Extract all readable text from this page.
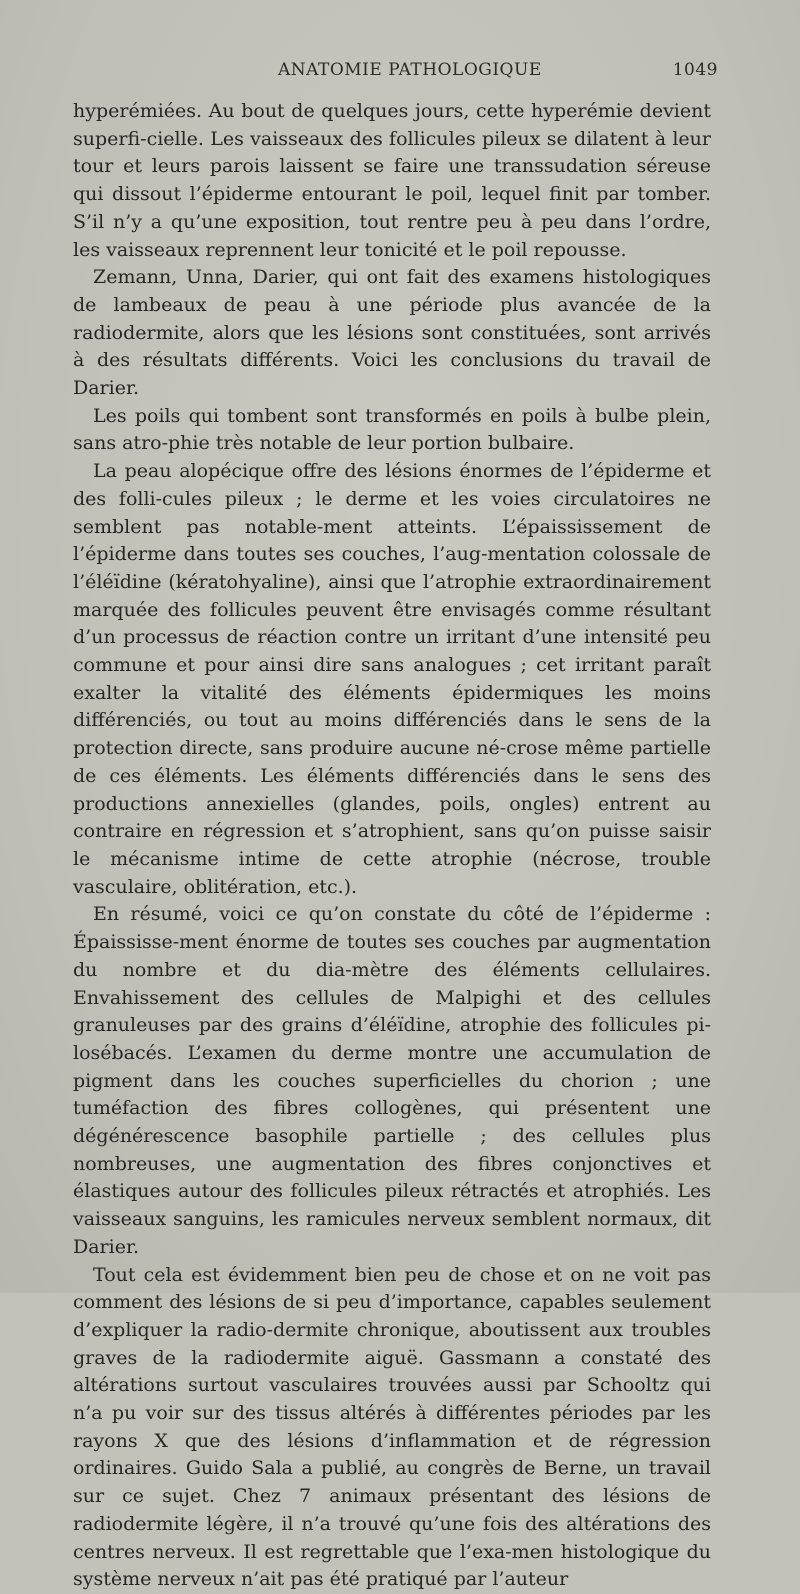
ANATOMIE PATHOLOGIQUE	1049

hyperémiées. Au bout de quelques jours, cette hyperémie devient superfi-cielle. Les vaisseaux des follicules pileux se dilatent à leur tour et leurs parois laissent se faire une transsudation séreuse qui dissout l’épiderme entourant le poil, lequel finit par tomber. S’il n’y a qu’une exposition, tout rentre peu à peu dans l’ordre, les vaisseaux reprennent leur tonicité et le poil repousse.

Zemann, Unna, Darier, qui ont fait des examens histologiques de lambeaux de peau à une période plus avancée de la radiodermite, alors que les lésions sont constituées, sont arrivés à des résultats différents. Voici les conclusions du travail de Darier.

Les poils qui tombent sont transformés en poils à bulbe plein, sans atro-phie très notable de leur portion bulbaire.

La peau alopécique offre des lésions énormes de l’épiderme et des folli-cules pileux ; le derme et les voies circulatoires ne semblent pas notable-ment atteints. L’épaississement de l’épiderme dans toutes ses couches, l’aug-mentation colossale de l’éléïdine (kératohyaline), ainsi que l’atrophie extraordinairement marquée des follicules peuvent être envisagés comme résultant d’un processus de réaction contre un irritant d’une intensité peu commune et pour ainsi dire sans analogues ; cet irritant paraît exalter la vitalité des éléments épidermiques les moins différenciés, ou tout au moins différenciés dans le sens de la protection directe, sans produire aucune né-crose même partielle de ces éléments. Les éléments différenciés dans le sens des productions annexielles (glandes, poils, ongles) entrent au contraire en régression et s’atrophient, sans qu’on puisse saisir le mécanisme intime de cette atrophie (nécrose, trouble vasculaire, oblitération, etc.).

En résumé, voici ce qu’on constate du côté de l’épiderme : Épaississe-ment énorme de toutes ses couches par augmentation du nombre et du dia-mètre des éléments cellulaires. Envahissement des cellules de Malpighi et des cellules granuleuses par des grains d’éléïdine, atrophie des follicules pi-losébacés. L’examen du derme montre une accumulation de pigment dans les couches superficielles du chorion ; une tuméfaction des fibres collogènes, qui présentent une dégénérescence basophile partielle ; des cellules plus nombreuses, une augmentation des fibres conjonctives et élastiques autour des follicules pileux rétractés et atrophiés. Les vaisseaux sanguins, les ramicules nerveux semblent normaux, dit Darier.

Tout cela est évidemment bien peu de chose et on ne voit pas comment des lésions de si peu d’importance, capables seulement d’expliquer la radio-dermite chronique, aboutissent aux troubles graves de la radiodermite aiguë. Gassmann a constaté des altérations surtout vasculaires trouvées aussi par Schooltz qui n’a pu voir sur des tissus altérés à différentes périodes par les rayons X que des lésions d’inflammation et de régression ordinaires. Guido Sala a publié, au congrès de Berne, un travail sur ce sujet. Chez 7 animaux présentant des lésions de radiodermite légère, il n’a trouvé qu’une fois des altérations des centres nerveux. Il est regrettable que l’exa-men histologique du système nerveux n’ait pas été pratiqué par l’auteur
